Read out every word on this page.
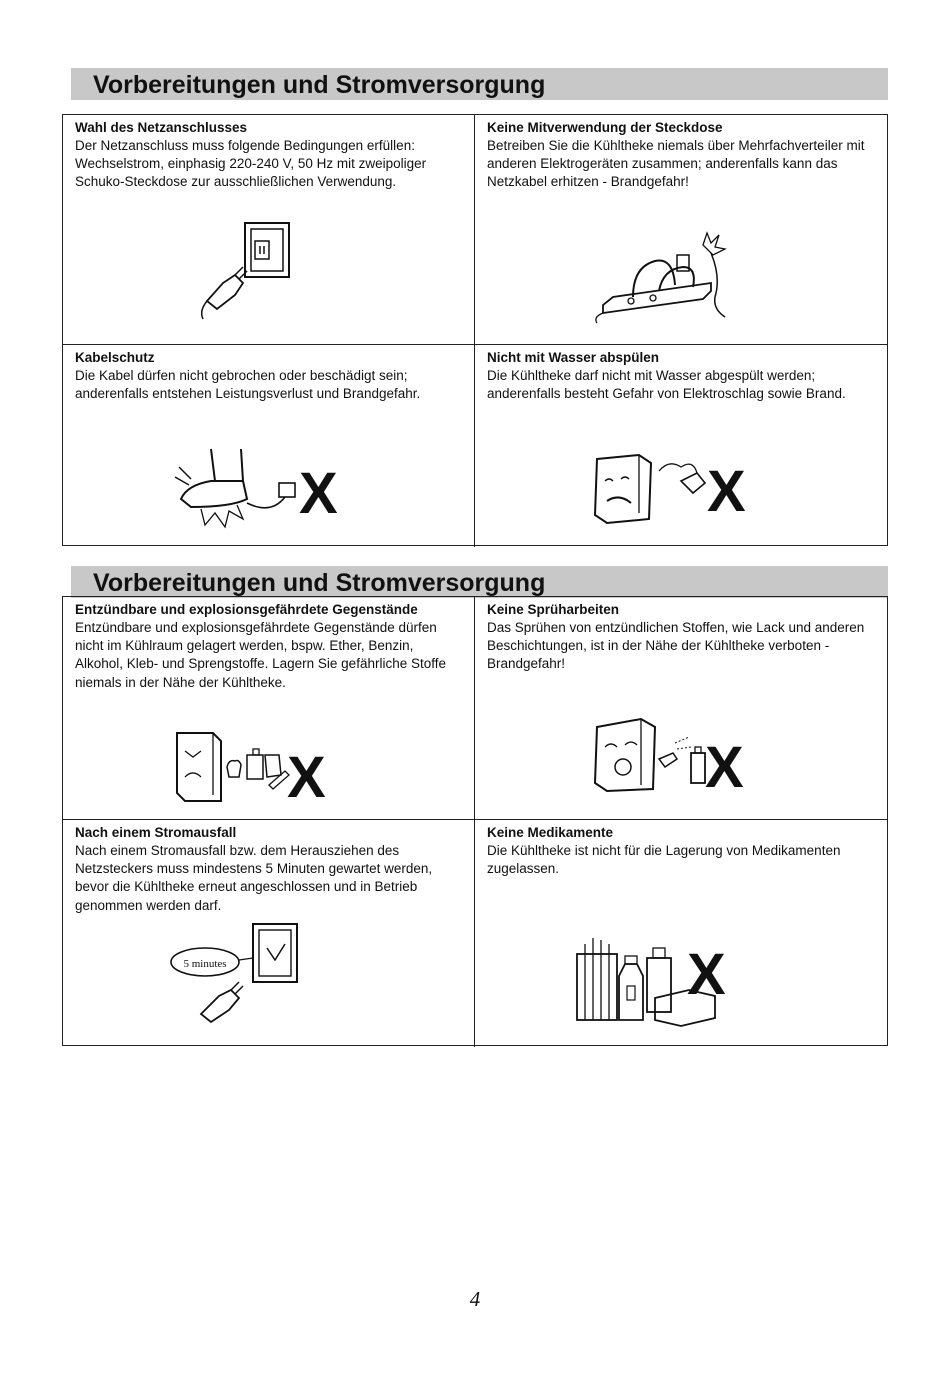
Vorbereitungen und Stromversorgung
Wahl des Netzanschlusses

Der Netzanschluss muss folgende Bedingungen erfüllen: Wechselstrom, einphasig 220-240 V, 50 Hz mit zweipoliger Schuko-Steckdose zur ausschließlichen Verwendung.

Keine Mitverwendung der Steckdose

Betreiben Sie die Kühltheke niemals über Mehrfachverteiler mit anderen Elektrogeräten zusammen; anderenfalls kann das Netzkabel erhitzen - Brandgefahr!

Kabelschutz

Die Kabel dürfen nicht gebrochen oder beschädigt sein; anderenfalls entstehen Leistungsverlust und Brandgefahr.

X
Nicht mit Wasser abspülen

Die Kühltheke darf nicht mit Wasser abgespült werden; anderenfalls besteht Gefahr von Elektroschlag sowie Brand.

X
Vorbereitungen und Stromversorgung
Entzündbare und explosionsgefährdete Gegenstände

Entzündbare und explosionsgefährdete Gegenstände dürfen nicht im Kühlraum gelagert werden, bspw. Ether, Benzin, Alkohol, Kleb- und Sprengstoffe. Lagern Sie gefährliche Stoffe niemals in der Nähe der Kühltheke.

X
Keine Sprüharbeiten

Das Sprühen von entzündlichen Stoffen, wie Lack und anderen Beschichtungen, ist in der Nähe der Kühltheke verboten - Brandgefahr!

X
Nach einem Stromausfall

Nach einem Stromausfall bzw. dem Herausziehen des Netzsteckers muss mindestens 5 Minuten gewartet werden, bevor die Kühltheke erneut angeschlossen und in Betrieb genommen werden darf.

5 minutes
Keine Medikamente

Die Kühltheke ist nicht für die Lagerung von Medikamenten zugelassen.

X
4
